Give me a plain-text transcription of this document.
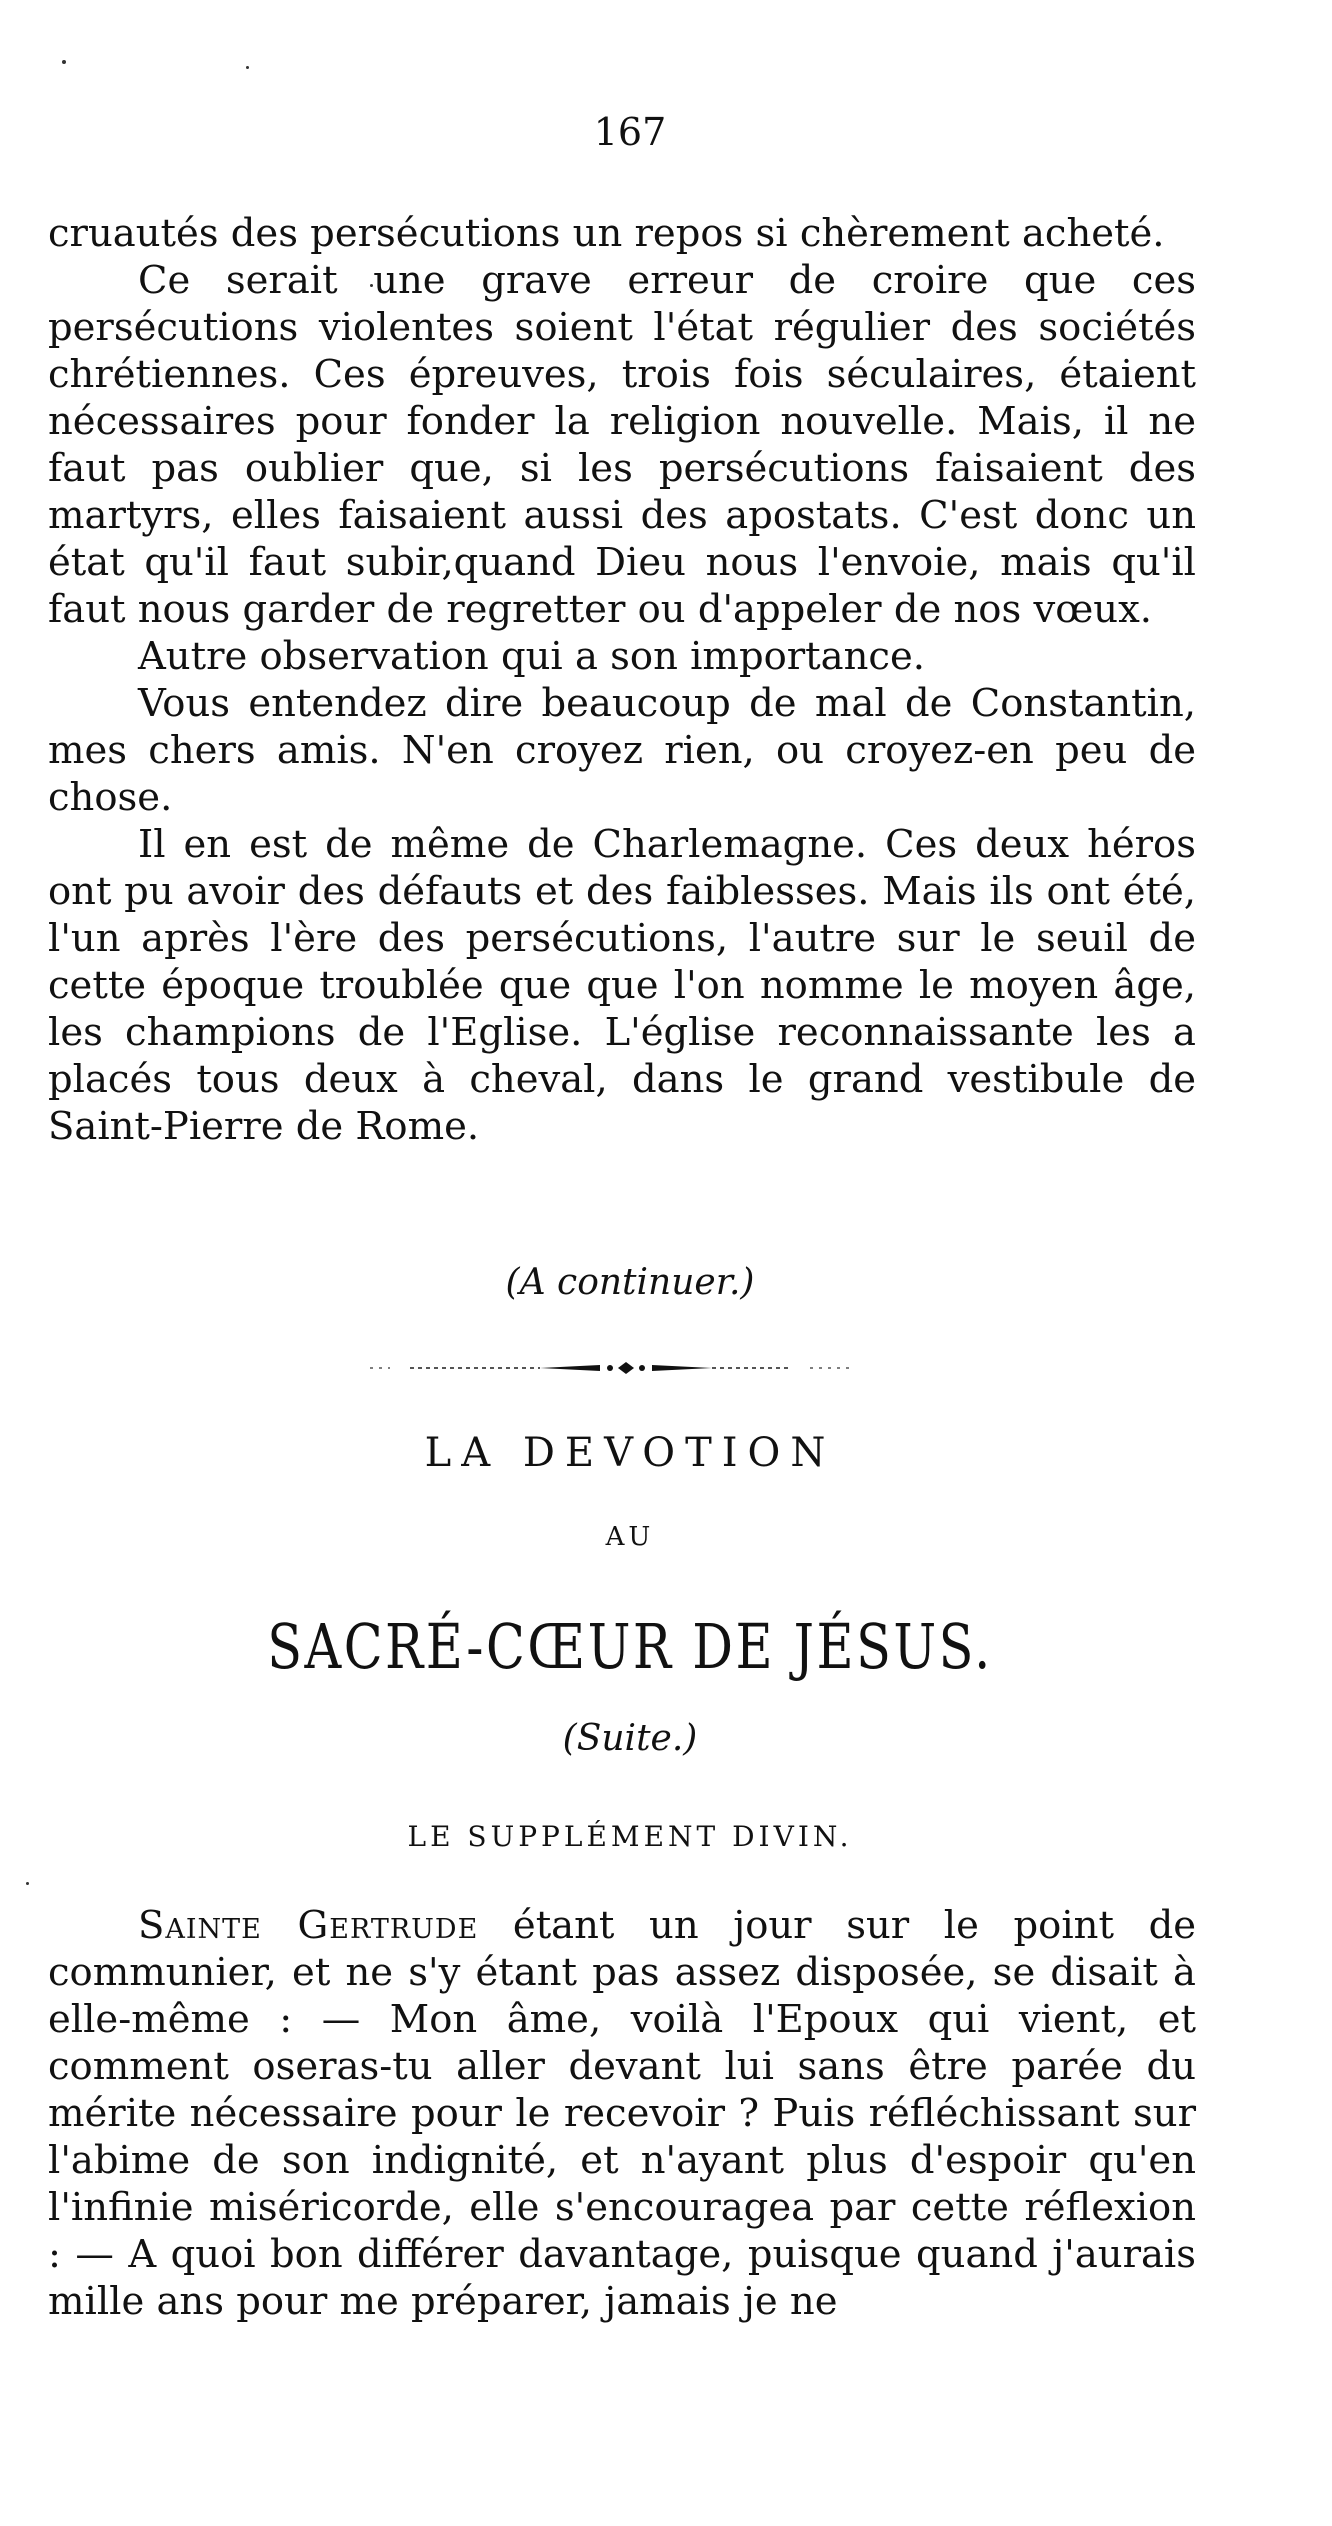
167

cruautés des persécutions un repos si chèrement acheté.

Ce serait une grave erreur de croire que ces persécutions violentes soient l'état régulier des sociétés chrétiennes. Ces épreuves, trois fois séculaires, étaient nécessaires pour fonder la religion nouvelle. Mais, il ne faut pas oublier que, si les persécutions faisaient des martyrs, elles faisaient aussi des apostats. C'est donc un état qu'il faut subir,quand Dieu nous l'envoie, mais qu'il faut nous garder de regretter ou d'appeler de nos vœux.

Autre observation qui a son importance.

Vous entendez dire beaucoup de mal de Constantin, mes chers amis. N'en croyez rien, ou croyez-en peu de chose.

Il en est de même de Charlemagne. Ces deux héros ont pu avoir des défauts et des faiblesses. Mais ils ont été, l'un après l'ère des persécutions, l'autre sur le seuil de cette époque troublée que que l'on nomme le moyen âge, les champions de l'Eglise. L'église reconnaissante les a placés tous deux à cheval, dans le grand vestibule de Saint-Pierre de Rome.

(A continuer.)
LA DEVOTION
AU
SACRÉ-CŒUR DE JÉSUS.
(Suite.)
LE SUPPLÉMENT DIVIN.

Sainte Gertrude étant un jour sur le point de communier, et ne s'y étant pas assez disposée, se disait à elle-même : — Mon âme, voilà l'Epoux qui vient, et comment oseras-tu aller devant lui sans être parée du mérite nécessaire pour le recevoir ? Puis réfléchissant sur l'abime de son indignité, et n'ayant plus d'espoir qu'en l'infinie miséricorde, elle s'encouragea par cette réflexion : — A quoi bon différer davantage, puisque quand j'aurais mille ans pour me préparer, jamais je ne
